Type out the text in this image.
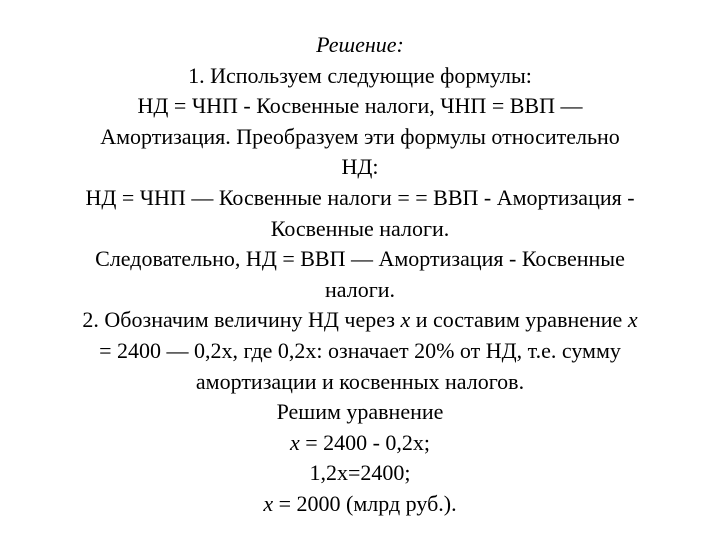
Решение:
1. Используем следующие формулы:
НД = ЧНП - Косвенные налоги, ЧНП = ВВП —
Амортизация. Преобразуем эти формулы относительно
НД:
НД = ЧНП — Косвенные налоги = = ВВП - Амортизация -
Косвенные налоги.
Следовательно, НД = ВВП — Амортизация - Косвенные
налоги.
2. Обозначим величину НД через x и составим уравнение x
= 2400 — 0,2x, где 0,2x: означает 20% от НД, т.е. сумму
амортизации и косвенных налогов.
Решим уравнение
x = 2400 - 0,2x;
1,2x=2400;
x = 2000 (млрд руб.).
